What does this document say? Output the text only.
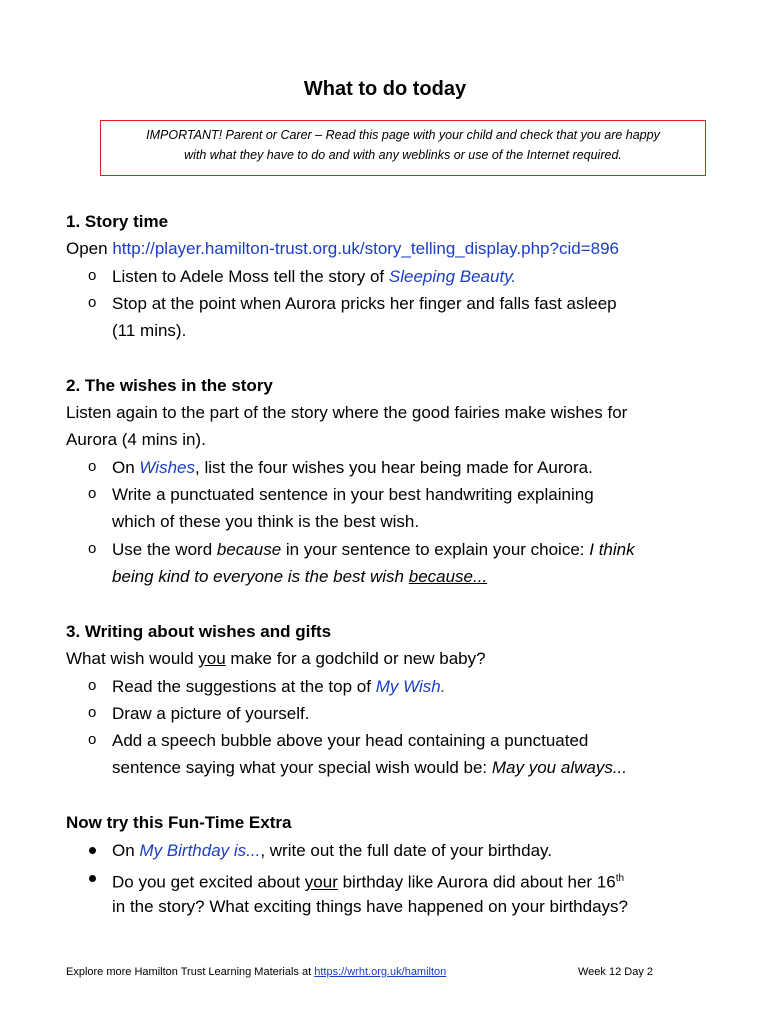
What to do today
IMPORTANT! Parent or Carer – Read this page with your child and check that you are happy
with what they have to do and with any weblinks or use of the Internet required.
1. Story time
Open http://player.hamilton-trust.org.uk/story_telling_display.php?cid=896
o Listen to Adele Moss tell the story of Sleeping Beauty.
o Stop at the point when Aurora pricks her finger and falls fast asleep
(11 mins).
2. The wishes in the story
Listen again to the part of the story where the good fairies make wishes for
Aurora (4 mins in).
o On Wishes, list the four wishes you hear being made for Aurora.
o Write a punctuated sentence in your best handwriting explaining
which of these you think is the best wish.
o Use the word because in your sentence to explain your choice: I think
being kind to everyone is the best wish because...
3. Writing about wishes and gifts
What wish would you make for a godchild or new baby?
o Read the suggestions at the top of My Wish.
o Draw a picture of yourself.
o Add a speech bubble above your head containing a punctuated
sentence saying what your special wish would be: May you always...
Now try this Fun-Time Extra
On My Birthday is..., write out the full date of your birthday.
Do you get excited about your birthday like Aurora did about her 16th
in the story? What exciting things have happened on your birthdays?
Explore more Hamilton Trust Learning Materials at https://wrht.org.uk/hamilton	Week 12 Day 2
